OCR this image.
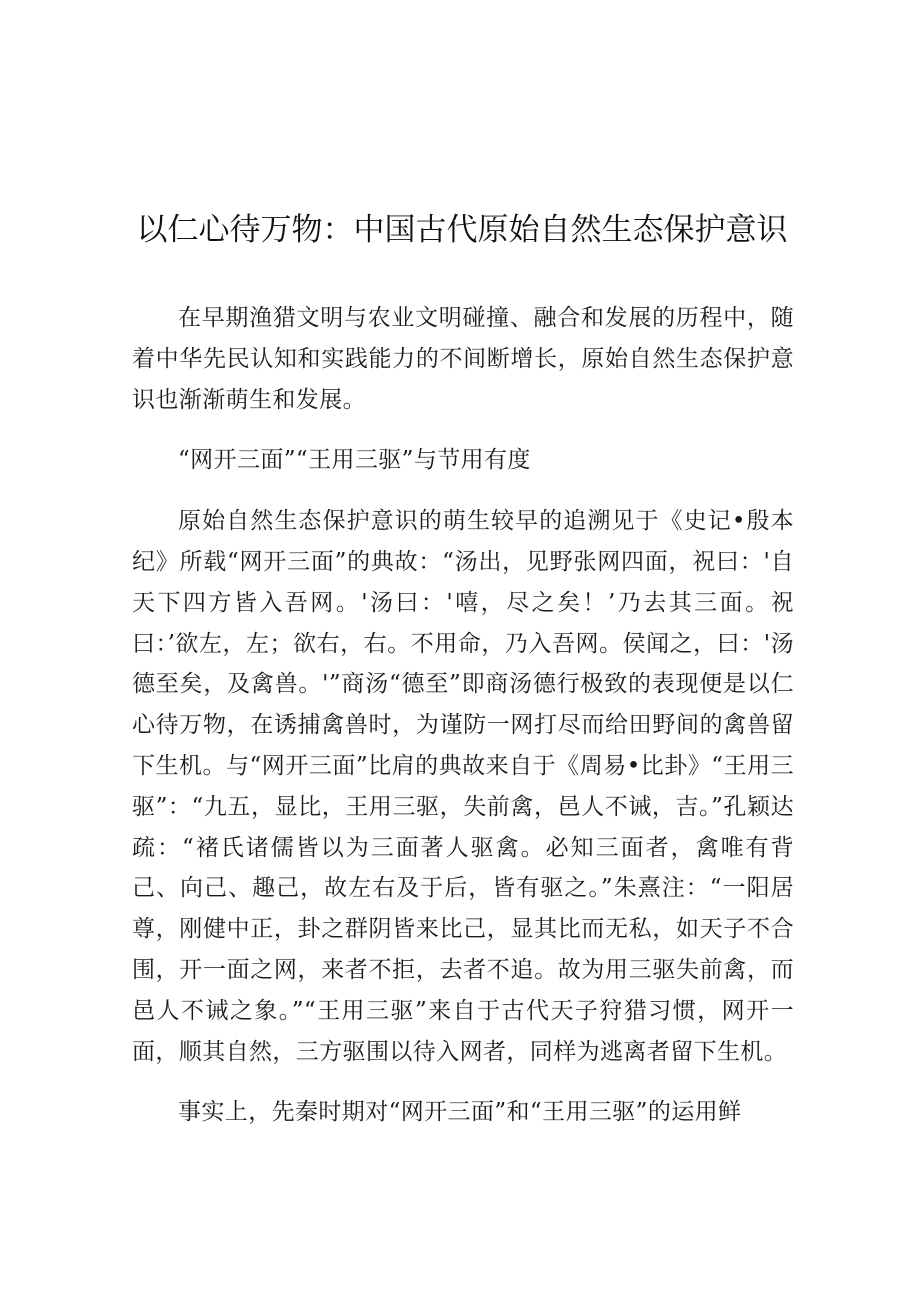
以仁心待万物：中国古代原始自然生态保护意识

在早期渔猎文明与农业文明碰撞、融合和发展的历程中，随着中华先民认知和实践能力的不间断增长，原始自然生态保护意识也渐渐萌生和发展。

“网开三面”“王用三驱”与节用有度

原始自然生态保护意识的萌生较早的追溯见于《史记•殷本纪》所载“网开三面”的典故：“汤出，见野张网四面，祝曰：'自天下四方皆入吾网。'汤曰：'嘻，尽之矣！’乃去其三面。祝曰：’欲左，左；欲右，右。不用命，乃入吾网。侯闻之，曰：'汤德至矣，及禽兽。'”商汤“德至”即商汤德行极致的表现便是以仁心待万物，在诱捕禽兽时，为谨防一网打尽而给田野间的禽兽留下生机。与“网开三面”比肩的典故来自于《周易•比卦》“王用三驱”：“九五，显比，王用三驱，失前禽，邑人不诫，吉。”孔颖达疏：“褚氏诸儒皆以为三面著人驱禽。必知三面者，禽唯有背己、向己、趣己，故左右及于后，皆有驱之。”朱熹注：“一阳居尊，刚健中正，卦之群阴皆来比己，显其比而无私，如天子不合围，开一面之网，来者不拒，去者不追。故为用三驱失前禽，而邑人不诫之象。”“王用三驱”来自于古代天子狩猎习惯，网开一面，顺其自然，三方驱围以待入网者，同样为逃离者留下生机。

事实上，先秦时期对“网开三面”和“王用三驱”的运用鲜
